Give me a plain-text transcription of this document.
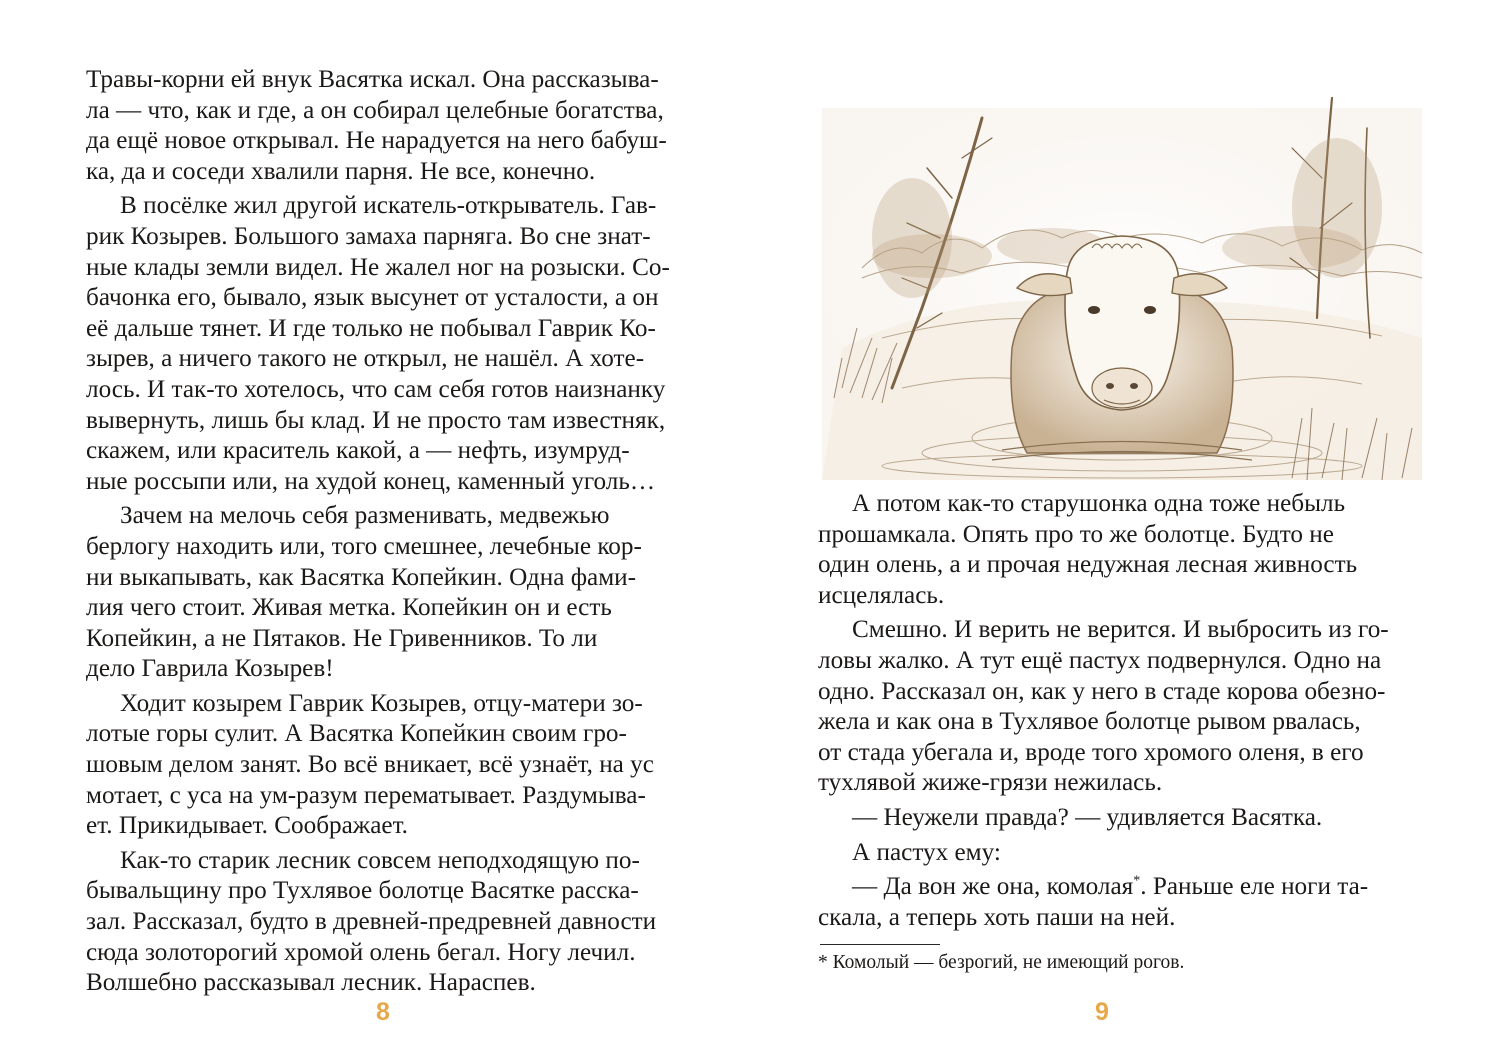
Травы-корни ей внук Васятка искал. Она рассказыва-
ла — что, как и где, а он собирал целебные богатства,
да ещё новое открывал. Не нарадуется на него бабуш-
ка, да и соседи хвалили парня. Не все, конечно.
В посёлке жил другой искатель-открыватель. Гав-
рик Козырев. Большого замаха парняга. Во сне знат-
ные клады земли видел. Не жалел ног на розыски. Со-
бачонка его, бывало, язык высунет от усталости, а он
её дальше тянет. И где только не побывал Гаврик Ко-
зырев, а ничего такого не открыл, не нашёл. А хоте-
лось. И так-то хотелось, что сам себя готов наизнанку
вывернуть, лишь бы клад. И не просто там известняк,
скажем, или краситель какой, а — нефть, изумруд-
ные россыпи или, на худой конец, каменный уголь…
Зачем на мелочь себя разменивать, медвежью
берлогу находить или, того смешнее, лечебные кор-
ни выкапывать, как Васятка Копейкин. Одна фами-
лия чего стоит. Живая метка. Копейкин он и есть
Копейкин, а не Пятаков. Не Гривенников. То ли
дело Гаврила Козырев!
Ходит козырем Гаврик Козырев, отцу-матери зо-
лотые горы сулит. А Васятка Копейкин своим гро-
шовым делом занят. Во всё вникает, всё узнаёт, на ус
мотает, с уса на ум-разум перематывает. Раздумыва-
ет. Прикидывает. Соображает.
Как-то старик лесник совсем неподходящую по-
бывальщину про Тухлявое болотце Васятке расска-
зал. Рассказал, будто в древней-предревней давности
сюда золоторогий хромой олень бегал. Ногу лечил.
Волшебно рассказывал лесник. Нараспев.
8
А потом как-то старушонка одна тоже небыль
прошамкала. Опять про то же болотце. Будто не
один олень, а и прочая недужная лесная живность
исцелялась.
Смешно. И верить не верится. И выбросить из го-
ловы жалко. А тут ещё пастух подвернулся. Одно на
одно. Рассказал он, как у него в стаде корова обезно-
жела и как она в Тухлявое болотце рывом рвалась,
от стада убегала и, вроде того хромого оленя, в его
тухлявой жиже-грязи нежилась.
— Неужели правда? — удивляется Васятка.
А пастух ему:
— Да вон же она, комолая*. Раньше еле ноги та-
скала, а теперь хоть паши на ней.
* Комолый — безрогий, не имеющий рогов.
9
